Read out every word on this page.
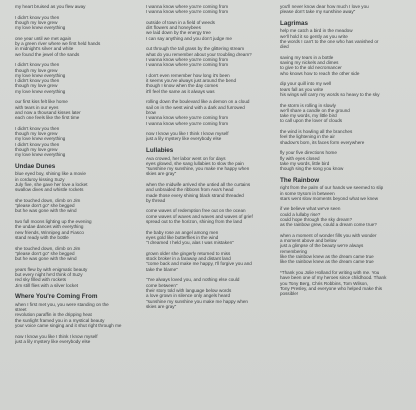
my heart bruised as you flew away
I didn't know you then
though my love grew
my love knew everything
one year until we met again
by a green river where we first held hands
in midnight's silver and white
we found the jewel of the sands
I didn't know you then
though my love grew
my love knew everything
I didn't know you then
though my love grew
my love knew everything
our first kiss felt like home
with tears in our eyes
and now a thousand kisses later
each one feels like the first time
I didn't know you then
though my love grew
my love knew everything
I didn't know you then
though my love grew
my love knew everything
Undae Dunes
blue eyed boy, shining like a movie
in corduroy kissing Suzy
July five, she gave her love a locket
swallow dives and whistle rockets
she touched down, climb on Jim
"please don't go" she begged
but he was gone with the wind
two full moons lighting up the evening
the undae dances with everything
new friends, Winnipeg and Fiasco
stand ready with the bottle
she touched down, climb on Jim
"please don't go" she begged
but he was gone with the wind
years flew by with enigmatic beauty
but every night he'd think of Suzy
red sky filled with rockets
Jim still flies with a silver locket
Where You're Coming From
when I first met you, you were standing on the
street
revolution paraffin in the dripping heat
the sunlight framed you in a mystical beauty
your voice came singing and it shut right through me
now I know you like I think I know myself
just a lily mystery like everybody else
I wanna know where you're coming from
I wanna know where you're coming from
outside of town in a field of weeds
dirt flowers and honeybees
we laid down by the energy tree
I can say anything and you don't judge me
cut through the tall grass by the glittering stream
what do you remember about your troubling dream?
I wanna know where you're coming from
I wanna know where you're coming from
I don't even remember how long it's been
it seems you've always just around the bend
though I know when the day comes
it'll feel the same as it always was
rolling down the boulevard like a demon on a cloud
sail on in the west wind with a dark and furrowed
brow
I wanna know where you're coming from
I wanna know where you're coming from
now I know you like I think I know myself
just a lily mystery like everybody else
Lullabies
Ava crowed, her labor went on for days
eyes glowed, she sang lullabies to slow the pain
"sunshine my sunshine, you make me happy when
skies are gray"
when the midwife arrived she untied all the curtains
and unbraided the ribbons from Ava's head
made those every shining black strand threaded
by thread
come waves of redemption free out on the ocean
come waves of waves and waves and waves of grief
spread out to the horizon, shining from the land
the baby rose an angel among men
eyes gold like butterflies in the wind
"I dreamed I held you, alas I was mistaken"
grown older she gingerly returned to miss
stock broker in a faraway and distant land
"come back and make me happy, I'll forgive you and
take the blame"
"I've always loved you, and nothing else could
come between"
their story told with language below words
a love grown in silence only angels heard
"sunshine my sunshine you make me happy when
skies are gray"
you'll never know dear how much I love you
please don't take my sunshine away"
Lagrimas
help me catch a bird in the meadow
we'll hold it so gently as you write
the words I can't to the one who has vanished or
died
saving my tears in a bottle
saving my nickels and dimes
to give to the old necromancer
who knows how to reach the other side
dip your quill into my well
tears fall as you write
his wings will carry my words so heavy to the sky
the storm is rolling in slowly
we'll share a candle on the ground
take my words, my little bird
to call upon the lover of clouds
the wind is howling all the branches
feel the lightening in the air
shadow's born, its faces form everywhere
fly your five directions home
fly with eyes closed
take my words, little bird
though sing the song you know
The Rainbow
right from the palm of our hands we seemed to slip
in some trysom in between
stars went slow moments beyond what we knew
if we believe what we've seen
could a lullaby rise?
could hope through the sky dream?
as the rainbow grew, could a dream come true?
when a moment of wonder fills you with wonder
a moment above and below
just a glimpse of the beauty we're always
remembering
like the rainbow knew as the dream came true
like the rainbow knew as the dream came true
*Thank you Jolie Holland for writing with me. You
have been one of my heroes since childhood. Thank
you Tony Berg, Chris Robbins, Tom Wilson,
Tony Presley, and everyone who helped make this
possible!
